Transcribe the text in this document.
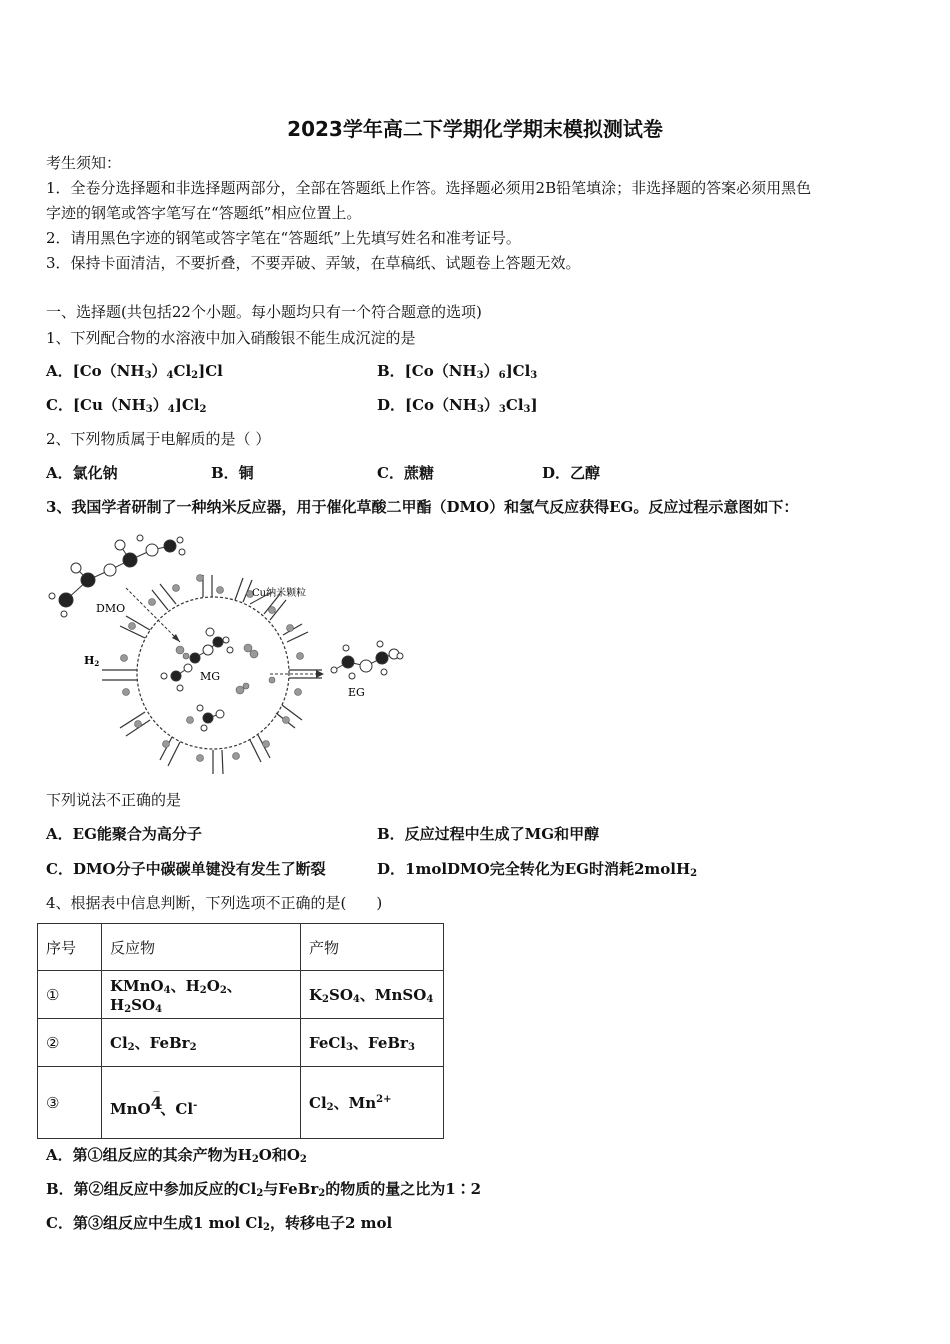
2023学年高二下学期化学期末模拟测试卷
考生须知：
1．全卷分选择题和非选择题两部分，全部在答题纸上作答。选择题必须用2B铅笔填涂；非选择题的答案必须用黑色
字迹的钢笔或答字笔写在“答题纸”相应位置上。
2．请用黑色字迹的钢笔或答字笔在“答题纸”上先填写姓名和准考证号。
3．保持卡面清洁，不要折叠，不要弄破、弄皱，在草稿纸、试题卷上答题无效。
一、选择题(共包括22个小题。每小题均只有一个符合题意的选项)
1、下列配合物的水溶液中加入硝酸银不能生成沉淀的是
A．$[Co(NH_3)_4Cl_2]Cl$	B．$[Co(NH_3)_6]Cl_3$
C．$[Cu(NH_3)_4]Cl_2$	D．$[Co(NH_3)_3Cl_3]$
2、下列物质属于电解质的是（ ）
A．氯化钠	B．铜	C．蔗糖	D．乙醇
3、我国学者研制了一种纳米反应器，用于催化草酸二甲酯（DMO）和氢气反应获得EG。反应过程示意图如下：
DMO
H2
Cu纳米颗粒
MG
EG
下列说法不正确的是
A．EG能聚合为高分子	B．反应过程中生成了MG和甲醇
C．DMO分子中碳碳单键没有发生了断裂	D．1molDMO完全转化为EG时消耗2molH$_2$
4、根据表中信息判断，下列选项不正确的是(　　)
序号	反应物	产物
①	KMnO$_4$、$H_2O_2$、$H_2SO_4$	$K_2SO_4$、MnSO$_4$
②	$Cl_2$、FeBr$_2$	FeCl$_3$、FeBr$_3$
③	MnO4－、Cl-	$Cl_2$、$Mn^{2+}$
A．第①组反应的其余产物为$H_2O$和$O_2$
B．第②组反应中参加反应的$Cl_2$与FeBr$_2$的物质的量之比为1∶2
C．第③组反应中生成1 mol $Cl_2$，转移电子2 mol
